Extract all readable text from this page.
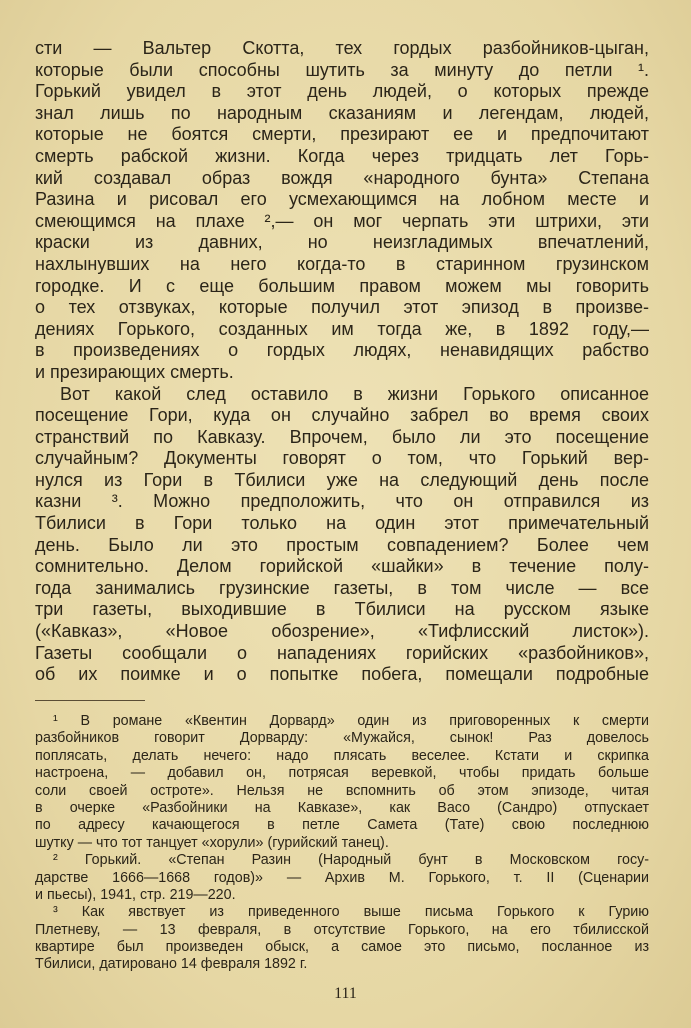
сти — Вальтер Скотта, тех гордых разбойников-цыган,
которые были способны шутить за минуту до петли ¹.
Горький увидел в этот день людей, о которых прежде
знал лишь по народным сказаниям и легендам, людей,
которые не боятся смерти, презирают ее и предпочитают
смерть рабской жизни. Когда через тридцать лет Горь-
кий создавал образ вождя «народного бунта» Степана
Разина и рисовал его усмехающимся на лобном месте и
смеющимся на плахе ²,— он мог черпать эти штрихи, эти
краски из давних, но неизгладимых впечатлений,
нахлынувших на него когда-то в старинном грузинском
городке. И с еще большим правом можем мы говорить
о тех отзвуках, которые получил этот эпизод в произве-
дениях Горького, созданных им тогда же, в 1892 году,—
в произведениях о гордых людях, ненавидящих рабство
и презирающих смерть.
Вот какой след оставило в жизни Горького описанное
посещение Гори, куда он случайно забрел во время своих
странствий по Кавказу. Впрочем, было ли это посещение
случайным? Документы говорят о том, что Горький вер-
нулся из Гори в Тбилиси уже на следующий день после
казни ³. Можно предположить, что он отправился из
Тбилиси в Гори только на один этот примечательный
день. Было ли это простым совпадением? Более чем
сомнительно. Делом горийской «шайки» в течение полу-
года занимались грузинские газеты, в том числе — все
три газеты, выходившие в Тбилиси на русском языке
(«Кавказ», «Новое обозрение», «Тифлисский листок»).
Газеты сообщали о нападениях горийских «разбойников»,
об их поимке и о попытке побега, помещали подробные
¹ В романе «Квентин Дорвард» один из приговоренных к смерти
разбойников говорит Дорварду: «Мужайся, сынок! Раз довелось
поплясать, делать нечего: надо плясать веселее. Кстати и скрипка
настроена, — добавил он, потрясая веревкой, чтобы придать больше
соли своей остроте». Нельзя не вспомнить об этом эпизоде, читая
в очерке «Разбойники на Кавказе», как Васо (Сандро) отпускает
по адресу качающегося в петле Самета (Тате) свою последнюю
шутку — что тот танцует «хорули» (гурийский танец).
² Горький. «Степан Разин (Народный бунт в Московском госу-
дарстве 1666—1668 годов)» — Архив М. Горького, т. II (Сценарии
и пьесы), 1941, стр. 219—220.
³ Как явствует из приведенного выше письма Горького к Гурию
Плетневу, — 13 февраля, в отсутствие Горького, на его тбилисской
квартире был произведен обыск, а самое это письмо, посланное из
Тбилиси, датировано 14 февраля 1892 г.
111
